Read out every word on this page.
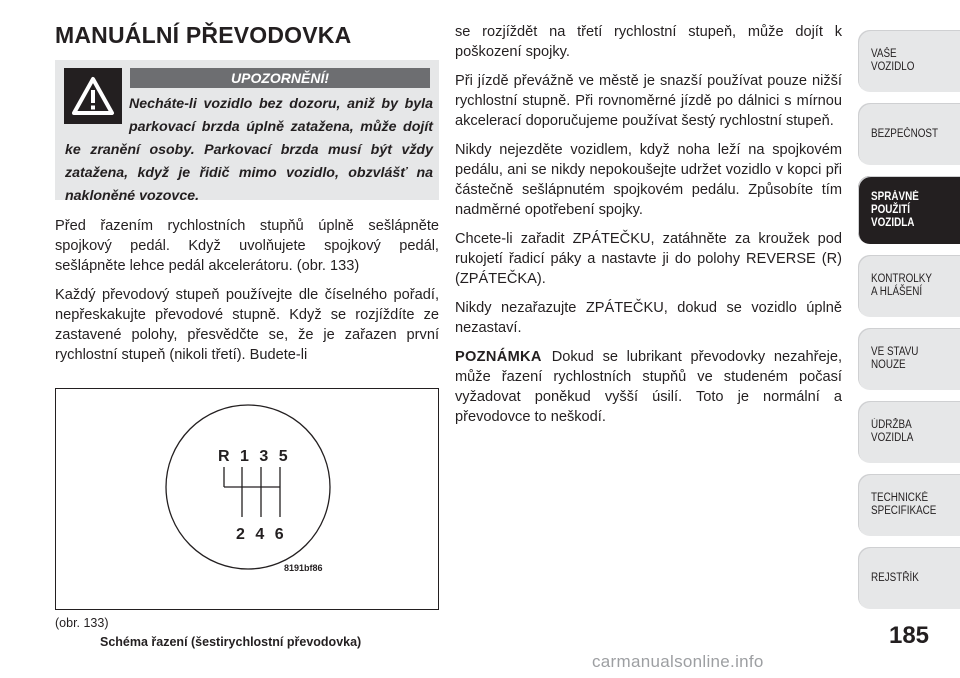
MANUÁLNÍ PŘEVODOVKA
UPOZORNĚNÍ!
Necháte-li vozidlo bez dozoru, aniž by byla parkovací brzda úplně zatažena, může dojít ke zranění osoby. Parkovací brzda musí být vždy zatažena, když je řidič mimo vozidlo, obzvlášť na nakloněné vozovce.

Před řazením rychlostních stupňů úplně sešlápněte spojkový pedál. Když uvolňujete spojkový pedál, sešlápněte lehce pedál akcelerátoru. (obr. 133)

Každý převodový stupeň používejte dle číselného pořadí, nepřeskakujte převodové stupně. Když se rozjíždíte ze zastavené polohy, přesvědčte se, že je zařazen první rychlostní stupeň (nikoli třetí). Budete-li

R 1 3 5
2 4 6
8191bf86
(obr. 133)
Schéma řazení (šestirychlostní převodovka)

se rozjíždět na třetí rychlostní stupeň, může dojít k poškození spojky.

Při jízdě převážně ve městě je snazší používat pouze nižší rychlostní stupně. Při rovnoměrné jízdě po dálnici s mírnou akcelerací doporučujeme používat šestý rychlostní stupeň.

Nikdy nejezděte vozidlem, když noha leží na spojkovém pedálu, ani se nikdy nepokoušejte udržet vozidlo v kopci při částečně sešlápnutém spojkovém pedálu. Způsobíte tím nadměrné opotřebení spojky.

Chcete-li zařadit ZPÁTEČKU, zatáhněte za kroužek pod rukojetí řadicí páky a nastavte ji do polohy REVERSE (R) (ZPÁTEČKA).

Nikdy nezařazujte ZPÁTEČKU, dokud se vozidlo úplně nezastaví.

POZNÁMKA Dokud se lubrikant převodovky nezahřeje, může řazení rychlostních stupňů ve studeném počasí vyžadovat poněkud vyšší úsilí. Toto je normální a převodovce to neškodí.

VAŠE VOZIDLO
BEZPEČNOST
SPRÁVNÉ POUŽITÍ VOZIDLA
KONTROLKY A HLÁŠENÍ
VE STAVU NOUZE
ÚDRŽBA VOZIDLA
TECHNICKÉ SPECIFIKACE
REJSTŘÍK
185
carmanualsonline.info
